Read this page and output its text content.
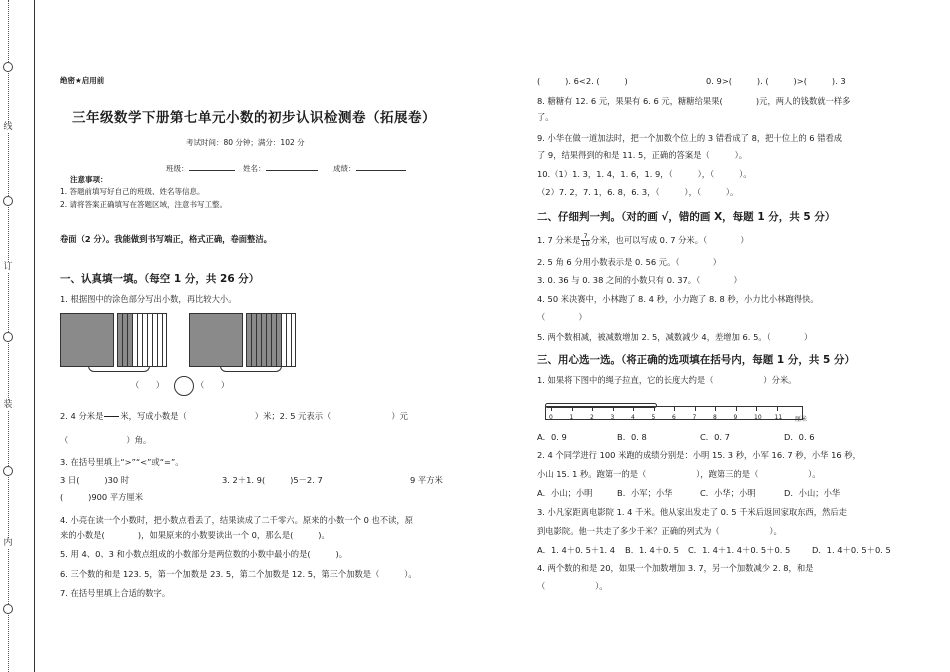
线
订
装
内
绝密★启用前
三年级数学下册第七单元小数的初步认识检测卷（拓展卷）
考试时间：80 分钟；满分：102 分
班级：	姓名：	成绩：
注意事项：
1. 答题前填写好自己的班级、姓名等信息。
2. 请将答案正确填写在答题区域，注意书写工整。
卷面（2 分）。我能做到书写端正，格式正确，卷面整洁。
一、认真填一填。（每空 1 分，共 26 分）
1. 根据图中的涂色部分写出小数，再比较大小。
（　　）	（　　）
2. 4 分米是

　　 米，写成小数是（	）米；2. 5 元表示（	）元
（	）角。
3. 在括号里填上“>”“<”或“=”。
3 日(　　　)30 时	3. 2＋1. 9(　　　)5－2. 7	9 平方米
(　　　)900 平方厘米
4. 小亮在读一个小数时，把小数点看丢了，结果读成了二千零六。原来的小数一个 0 也不读，原
来的小数是(　　　　)，如果原来的小数要读出一个 0，那么是(　　　)。
5. 用 4、0、3 和小数点组成的小数部分是两位数的小数中最小的是(　　　)。
6. 三个数的和是 123. 5，第一个加数是 23. 5，第二个加数是 12. 5，第三个加数是（　　　）。
7. 在括号里填上合适的数字。
(　　　). 6<2. (　　　)	0. 9>(　　　). (　　　)>(　　　). 3
8. 糖糖有 12. 6 元，果果有 6. 6 元，糖糖给果果(　　　　)元，两人的钱数就一样多
了。
9. 小华在做一道加法时，把一个加数个位上的 3 错看成了 8，把十位上的 6 错看成
了 9，结果得到的和是 11. 5，正确的答案是（　　　）。
10.（1）1. 3，1. 4，1. 6，1. 9，（　　　），（　　　）。
（2）7. 2，7. 1，6. 8，6. 3，（　　　），（　　　）。
二、仔细判一判。（对的画 √，错的画 X，每题 1 分，共 5 分）
1. 7 分米是 $\frac{7}{10}$分米，也可以写成 0. 7 分米。（　　　　）
2. 5 角 6 分用小数表示是 0. 56 元。（　　　　）
3. 0. 36 与 0. 38 之间的小数只有 0. 37。（　　　　）
4. 50 米决赛中，小林跑了 8. 4 秒，小力跑了 8. 8 秒，小力比小林跑得快。
（　　　　）
5. 两个数相减，被减数增加 2. 5，减数减少 4，差增加 6. 5。（　　　　）
三、用心选一选。（将正确的选项填在括号内，每题 1 分，共 5 分）
1. 如果将下图中的绳子拉直，它的长度大约是（　　　　　　）分米。
0	1	2	3	4	5	6	7	8	9	10 11 厘米
A．0. 9	B．0. 8	C．0. 7	D．0. 6
2. 4 个同学进行 100 米跑的成绩分别是：小明 15. 3 秒，小军 16. 7 秒，小华 16 秒，
小山 15. 1 秒。跑第一的是（　　　　　　），跑第三的是（　　　　　　）。
A．小山；小明	B．小军；小华	C．小华；小明	D．小山；小华
3. 小凡家距离电影院 1. 4 千米。他从家出发走了 0. 5 千米后返回家取东西，然后走
到电影院。他一共走了多少千米？正确的列式为（　　　　　　）。
A．1. 4＋0. 5＋1. 4 B．1. 4＋0. 5 C．1. 4＋1. 4＋0. 5＋0. 5	D．1. 4＋0. 5＋0. 5
4. 两个数的和是 20，如果一个加数增加 3. 7，另一个加数减少 2. 8，和是
（　　　　　　）。
